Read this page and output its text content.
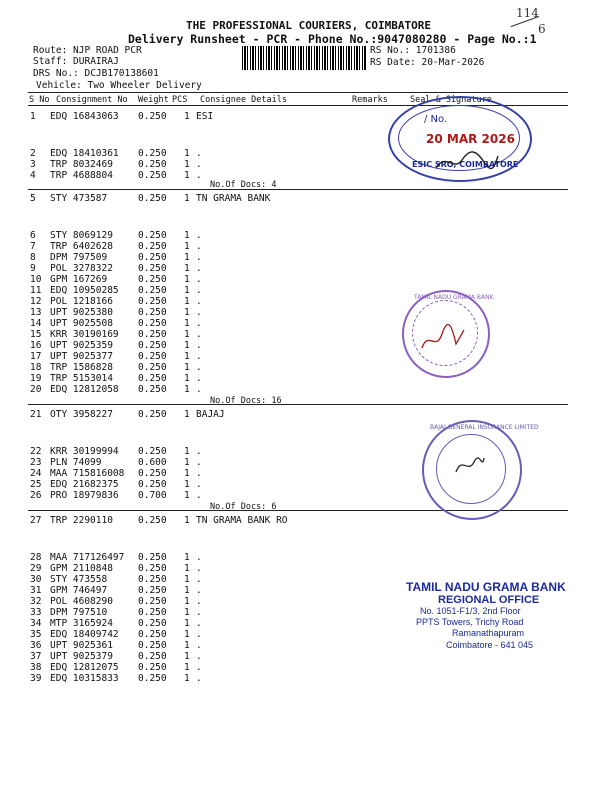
THE PROFESSIONAL COURIERS, COIMBATORE
Delivery Runsheet - PCR - Phone No.:9047080280 - Page No.:1
114
6
Route: NJP ROAD PCR
Staff: DURAIRAJ
DRS No.: DCJB170138601
Vehicle: Two Wheeler Delivery
RS No.: 1701386
RS Date: 20-Mar-2026
S No Consignment No Weight PCS Consignee Details	Remarks	Seal & Signature
1 EDQ 16843063 0.250 1 ESI
2 EDQ 18410361 0.250 1 .
3 TRP 8032469	0.250 1 .
4 TRP 4688804	0.250 1 .
No.Of Docs: 4
5 STY 473587	0.250 1 TN GRAMA BANK
6 STY 8069129	0.250 1 .
7 TRP 6402628	0.250 1 .
8 DPM 797509	0.250 1 .
9 POL 3278322	0.250 1 .
10 GPM 167269	0.250 1 .
11 EDQ 10950285 0.250 1 .
12 POL 1218166	0.250 1 .
13 UPT 9025380	0.250 1 .
14 UPT 9025508	0.250 1 .
15 KRR 30190169 0.250 1 .
16 UPT 9025359	0.250 1 .
17 UPT 9025377	0.250 1 .
18 TRP 1586828	0.250 1 .
19 TRP 5153014	0.250 1 .
20 EDQ 12812058 0.250 1 .
No.Of Docs: 16
21 OTY 3958227	0.250 1 BAJAJ
22 KRR 30199994 0.250 1 .
23 PLN 74099	0.600 1 .
24 MAA 715816008 0.250 1 .
25 EDQ 21682375 0.250 1 .
26 PRO 18979836 0.700 1 .
No.Of Docs: 6
27 TRP 2290110	0.250 1 TN GRAMA BANK RO
28 MAA 717126497 0.250 1 .
29 GPM 2110848	0.250 1 .
30 STY 473558	0.250 1 .
31 GPM 746497	0.250 1 .
32 POL 4608290	0.250 1 .
33 DPM 797510	0.250 1 .
34 MTP 3165924	0.250 1 .
35 EDQ 18409742 0.250 1 .
36 UPT 9025361	0.250 1 .
37 UPT 9025379	0.250 1 .
38 EDQ 12812075 0.250 1 .
39 EDQ 10315833 0.250 1 .
/ No.
20 MAR 2026
ESIC SRO, COIMBATORE
TAMIL NADU GRAMA BANK
BAJAJ GENERAL INSURANCE LIMITED
TAMIL NADU GRAMA BANK
REGIONAL OFFICE
No. 1051-F1/3, 2nd Floor
PPTS Towers, Trichy Road
Ramanathapuram
Coimbatore - 641 045
